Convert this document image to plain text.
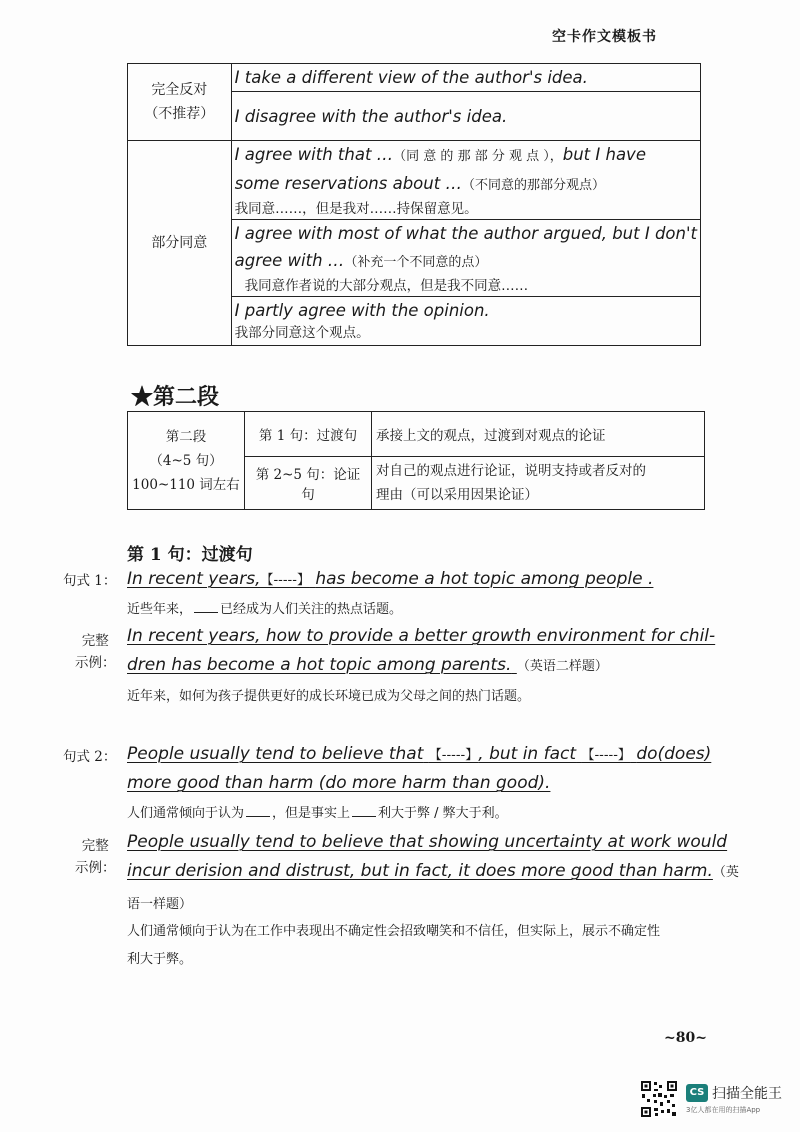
空卡作文模板书
完全反对
（不推荐）	I take a different view of the author's idea.
	I disagree with the author's idea.

部分同意	I agree with that …（同 意 的 那 部 分 观 点 ），but I have
some reservations about …（不同意的那部分观点）
我同意……，但是我对……持保留意见。

	I agree with most of what the author argued, but I don't
agree with …（补充一个不同意的点）
我同意作者说的大部分观点，但是我不同意……

	I partly agree with the opinion.
我部分同意这个观点。
★第二段
第二段
（4~5 句）
100~110 词左右	第 1 句：过渡句	承接上文的观点，过渡到对观点的论证
	第 2~5 句：论证句	对自己的观点进行论证，说明支持或者反对的
理由（可以采用因果论证）
第 1 句：过渡句
句式 1： In recent years,【-----】 has become a hot topic among people .
近些年来， 已经成为人们关注的热点话题。
完整
示例：
In recent years, how to provide a better growth environment for chil-
dren has become a hot topic among parents. （英语二样题）
近年来，如何为孩子提供更好的成长环境已成为父母之间的热门话题。
句式 2： People usually tend to believe that 【-----】, but in fact 【-----】 do(does)
more good than harm (do more harm than good).
人们通常倾向于认为 ，但是事实上 利大于弊 / 弊大于利。
完整
示例：
People usually tend to believe that showing uncertainty at work would
incur derision and distrust, but in fact, it does more good than harm.（英
语一样题）
人们通常倾向于认为在工作中表现出不确定性会招致嘲笑和不信任，但实际上，展示不确定性
利大于弊。
~80~
CS 扫描全能王
3亿人都在用的扫描App
